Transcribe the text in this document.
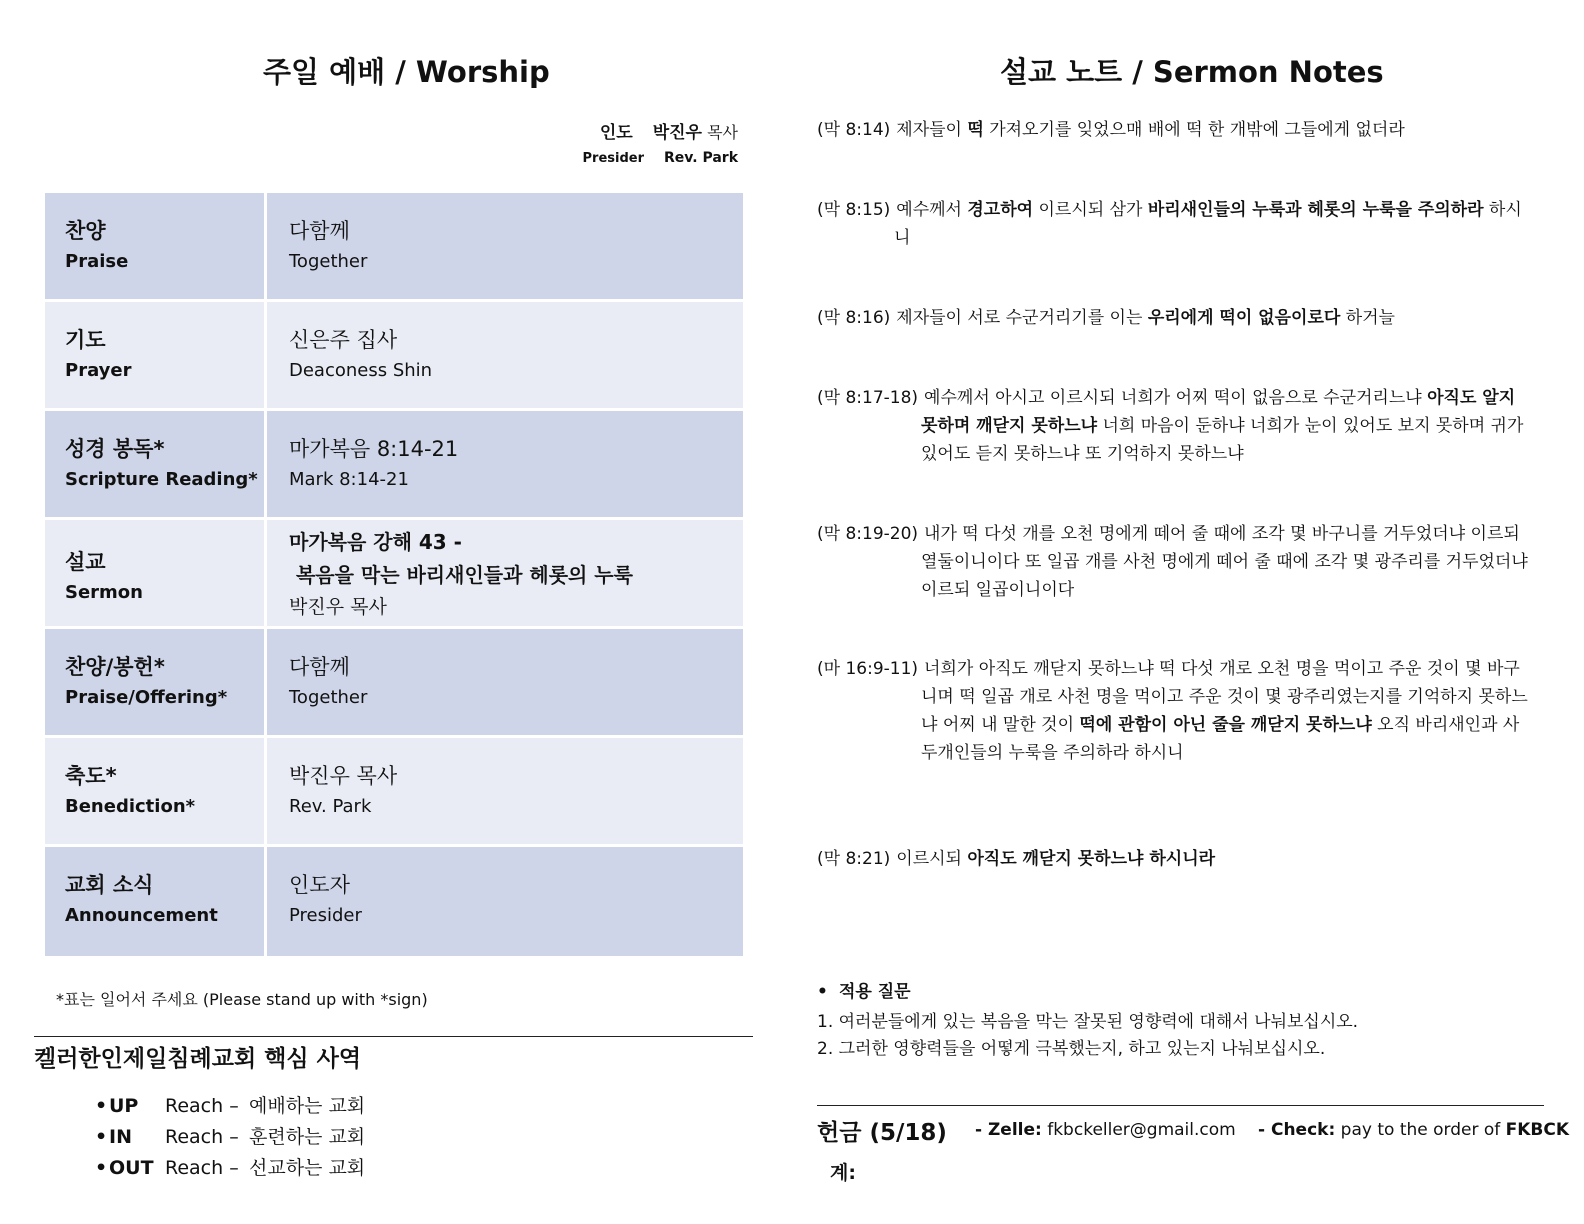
주일 예배 / Worship
인도 박진우 목사
Presider Rev. Park
찬양
Praise
다함께
Together
기도
Prayer
신은주 집사
Deaconess Shin
성경 봉독*
Scripture Reading*
마가복음 8:14-21
Mark 8:14-21
설교
Sermon
마가복음 강해 43 -
복음을 막는 바리새인들과 헤롯의 누룩
박진우 목사
찬양/봉헌*
Praise/Offering*
다함께
Together
축도*
Benediction*
박진우 목사
Rev. Park
교회 소식
Announcement
인도자
Presider
*표는 일어서 주세요 (Please stand up with *sign)
켈러한인제일침례교회 핵심 사역
•UP Reach – 예배하는 교회
•IN Reach – 훈련하는 교회
•OUT Reach – 선교하는 교회
설교 노트 / Sermon Notes
(막 8:14) 제자들이 떡 가져오기를 잊었으매 배에 떡 한 개밖에 그들에게 없더라
(막 8:15) 예수께서 경고하여 이르시되 삼가 바리새인들의 누룩과 헤롯의 누룩을 주의하라 하시니
(막 8:16) 제자들이 서로 수군거리기를 이는 우리에게 떡이 없음이로다 하거늘
(막 8:17-18) 예수께서 아시고 이르시되 너희가 어찌 떡이 없음으로 수군거리느냐 아직도 알지 못하며 깨닫지 못하느냐 너희 마음이 둔하냐 너희가 눈이 있어도 보지 못하며 귀가 있어도 듣지 못하느냐 또 기억하지 못하느냐
(막 8:19-20) 내가 떡 다섯 개를 오천 명에게 떼어 줄 때에 조각 몇 바구니를 거두었더냐 이르되 열둘이니이다 또 일곱 개를 사천 명에게 떼어 줄 때에 조각 몇 광주리를 거두었더냐 이르되 일곱이니이다
(마 16:9-11) 너희가 아직도 깨닫지 못하느냐 떡 다섯 개로 오천 명을 먹이고 주운 것이 몇 바구니며 떡 일곱 개로 사천 명을 먹이고 주운 것이 몇 광주리였는지를 기억하지 못하느냐 어찌 내 말한 것이 떡에 관함이 아닌 줄을 깨닫지 못하느냐 오직 바리새인과 사두개인들의 누룩을 주의하라 하시니
(막 8:21) 이르시되 아직도 깨닫지 못하느냐 하시니라
• 적용 질문
1. 여러분들에게 있는 복음을 막는 잘못된 영향력에 대해서 나눠보십시오.
2. 그러한 영향력들을 어떻게 극복했는지, 하고 있는지 나눠보십시오.
헌금 (5/18) - Zelle: fkbckeller@gmail.com - Check: pay to the order of FKBCK
계:
